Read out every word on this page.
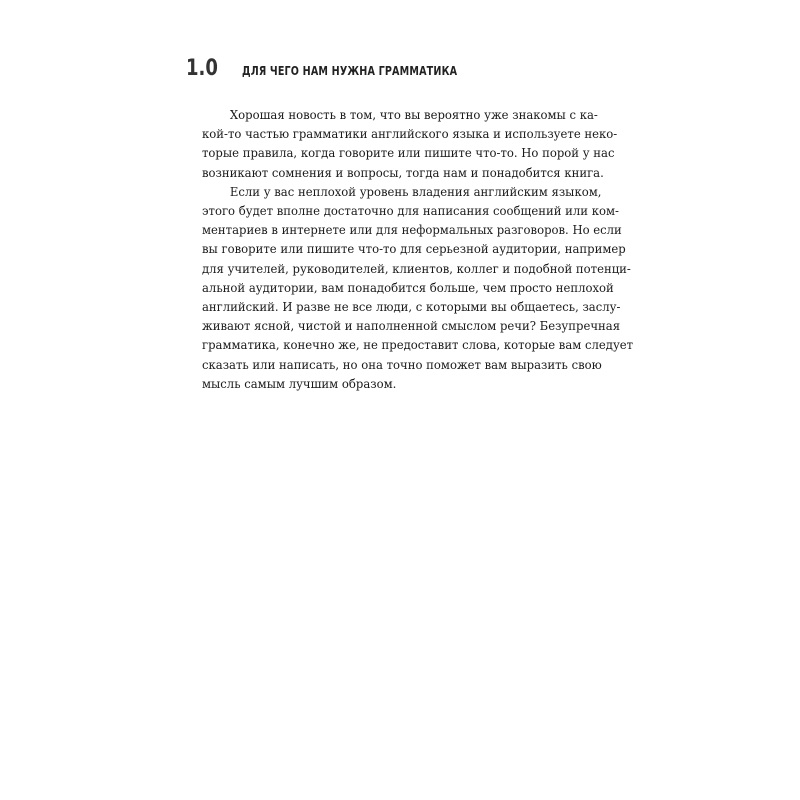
1.0 ДЛЯ ЧЕГО НАМ НУЖНА ГРАММАТИКА
Хорошая новость в том, что вы вероятно уже знакомы с ка-
кой-то частью грамматики английского языка и используете неко-
торые правила, когда говорите или пишите что-то. Но порой у нас
возникают сомнения и вопросы, тогда нам и понадобится книга.
Если у вас неплохой уровень владения английским языком,
этого будет вполне достаточно для написания сообщений или ком-
ментариев в интернете или для неформальных разговоров. Но если
вы говорите или пишите что-то для серьезной аудитории, например
для учителей, руководителей, клиентов, коллег и подобной потенци-
альной аудитории, вам понадобится больше, чем просто неплохой
английский. И разве не все люди, с которыми вы общаетесь, заслу-
живают ясной, чистой и наполненной смыслом речи? Безупречная
грамматика, конечно же, не предоставит слова, которые вам следует
сказать или написать, но она точно поможет вам выразить свою
мысль самым лучшим образом.
